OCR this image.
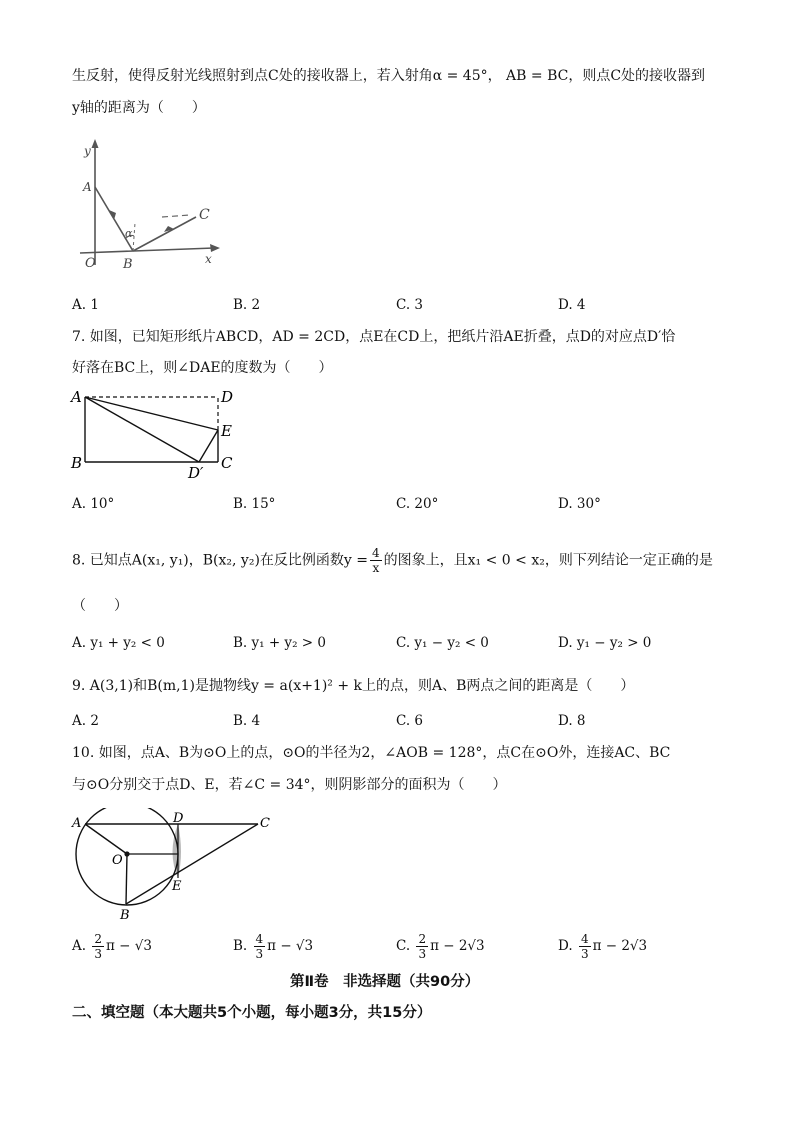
生反射，使得反射光线照射到点C处的接收器上，若入射角α = 45°， AB = BC，则点C处的接收器到
y轴的距离为（　　）
y
A
α
C
O B	x
A. 1	B. 2	C. 3	D. 4
7. 如图，已知矩形纸片ABCD，AD = 2CD，点E在CD上，把纸片沿AE折叠，点D的对应点D′恰
好落在BC上，则∠DAE的度数为（　　）
A	D
E
B
D′
C
A. 10°	B. 15°	C. 20°	D. 30°
8. 已知点A(x₁, y₁)，B(x₂, y₂)在反比例函数$y = \frac{4}{x}$ 的图象上，且x₁ < 0 < x₂，则下列结论一定正确的是
（　　）
A. y₁ + y₂ < 0	B. y₁ + y₂ > 0	C. y₁ − y₂ < 0	D. y₁ − y₂ > 0
9. A(3,1)和B(m,1)是抛物线y = a(x+1)² + k上的点，则A、B两点之间的距离是（　　）
A. 2	B. 4	C. 6	D. 8
10. 如图，点A、B为⊙O上的点，⊙O的半径为2，∠AOB = 128°，点C在⊙O外，连接AC、BC
与⊙O分别交于点D、E，若∠C = 34°，则阴影部分的面积为（　　）
A	D	C
O
E
B
A. $\frac{2}{3}$ π − √3	B. $\frac{4}{3}$ π − √3	C. $\frac{2}{3}$ π − 2√3	D. $\frac{4}{3}$ π − 2√3
第Ⅱ卷　非选择题（共90分）
二、填空题（本大题共5个小题，每小题3分，共15分）
